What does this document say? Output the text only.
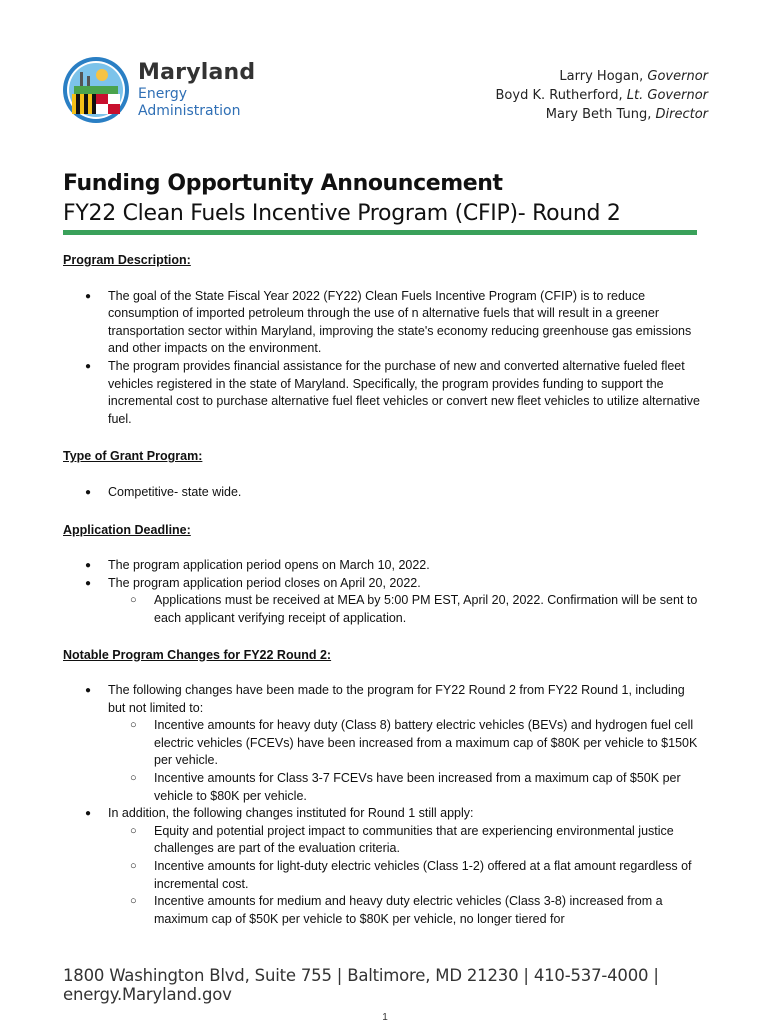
Maryland
Energy
Administration
Larry Hogan, Governor
Boyd K. Rutherford, Lt. Governor
Mary Beth Tung, Director
Funding Opportunity Announcement
FY22 Clean Fuels Incentive Program (CFIP)- Round 2

Program Description:

● The goal of the State Fiscal Year 2022 (FY22) Clean Fuels Incentive Program (CFIP) is to reduce consumption of imported petroleum through the use of n alternative fuels that will result in a greener transportation sector within Maryland, improving the state's economy reducing greenhouse gas emissions and other impacts on the environment.
● The program provides financial assistance for the purchase of new and converted alternative fueled fleet vehicles registered in the state of Maryland. Specifically, the program provides funding to support the incremental cost to purchase alternative fuel fleet vehicles or convert new fleet vehicles to utilize alternative fuel.

Type of Grant Program:

● Competitive- state wide.

Application Deadline:

● The program application period opens on March 10, 2022.
● The program application period closes on April 20, 2022.
○ Applications must be received at MEA by 5:00 PM EST, April 20, 2022. Confirmation will be sent to each applicant verifying receipt of application.

Notable Program Changes for FY22 Round 2:

● The following changes have been made to the program for FY22 Round 2 from FY22 Round 1, including but not limited to:
○ Incentive amounts for heavy duty (Class 8) battery electric vehicles (BEVs) and hydrogen fuel cell electric vehicles (FCEVs) have been increased from a maximum cap of $80K per vehicle to $150K per vehicle.
○ Incentive amounts for Class 3-7 FCEVs have been increased from a maximum cap of $50K per vehicle to $80K per vehicle.
● In addition, the following changes instituted for Round 1 still apply:
○ Equity and potential project impact to communities that are experiencing environmental justice challenges are part of the evaluation criteria.
○ Incentive amounts for light-duty electric vehicles (Class 1-2) offered at a flat amount regardless of incremental cost.
○ Incentive amounts for medium and heavy duty electric vehicles (Class 3-8) increased from a maximum cap of $50K per vehicle to $80K per vehicle, no longer tiered for
1800 Washington Blvd, Suite 755 | Baltimore, MD 21230 | 410-537-4000 | energy.Maryland.gov
1
